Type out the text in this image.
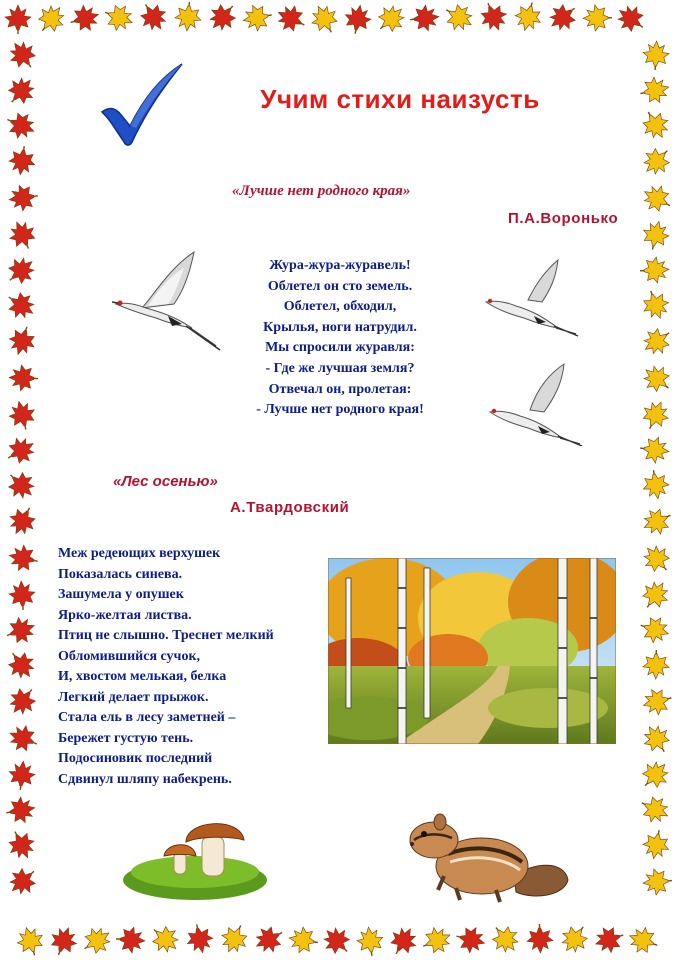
Учим стихи наизусть
«Лучше нет родного края»
П.А.Воронько
Жура-жура-журавель!
Облетел он сто земель.
Облетел, обходил,
Крылья, ноги натрудил.
Мы спросили журавля:
- Где же лучшая земля?
Отвечал он, пролетая:
- Лучше нет родного края!
«Лес осенью»
А.Твардовский
Меж редеющих верхушек
Показалась синева.
Зашумела у опушек
Ярко-желтая листва.
Птиц не слышно. Треснет мелкий
Обломившийся сучок,
И, хвостом мелькая, белка
Легкий делает прыжок.
Стала ель в лесу заметней –
Бережет густую тень.
Подосиновик последний
Сдвинул шляпу набекрень.
